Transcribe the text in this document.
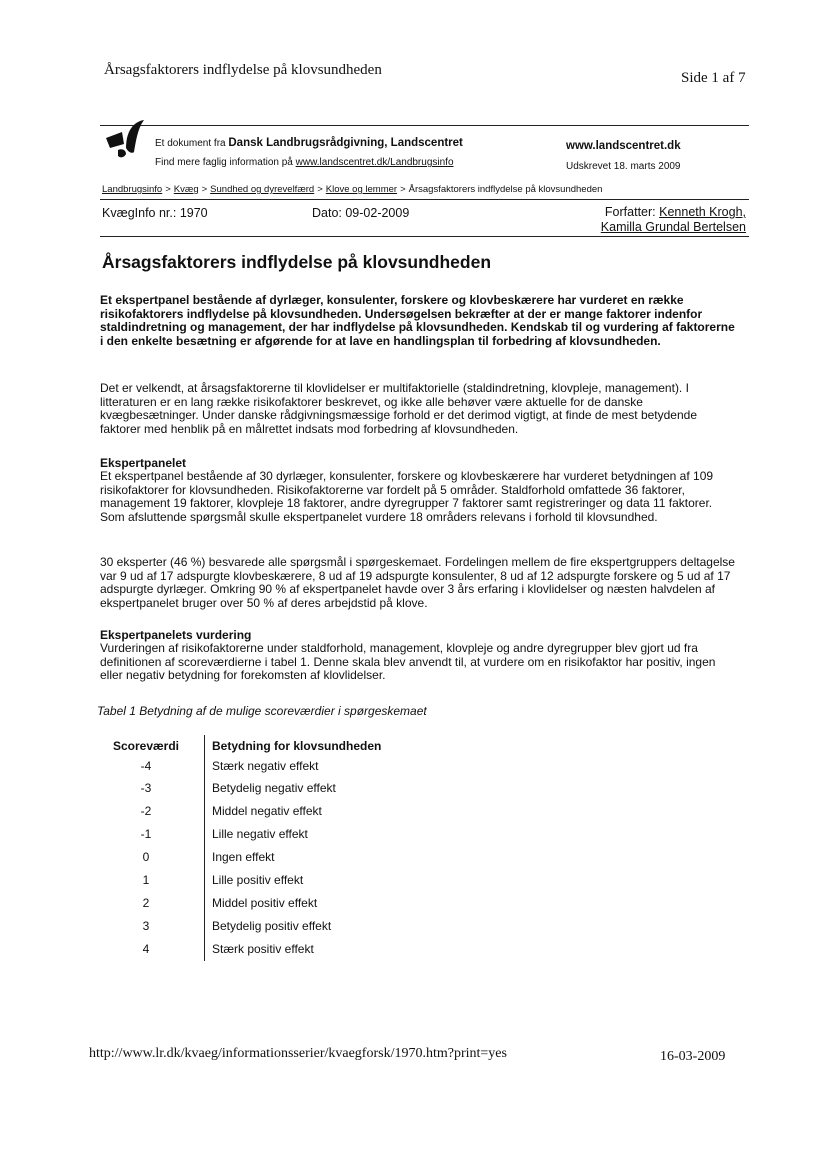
Årsagsfaktorers indflydelse på klovsundheden	Side 1 af 7
Et dokument fra Dansk Landbrugsrådgivning, Landscentret
Find mere faglig information på www.landscentret.dk/Landbrugsinfo
www.landscentret.dk
Udskrevet 18. marts 2009
Landbrugsinfo > Kvæg > Sundhed og dyrevelfærd > Klove og lemmer > Årsagsfaktorers indflydelse på klovsundheden
KvægInfo nr.: 1970	Dato: 09-02-2009	Forfatter: Kenneth Krogh,
Kamilla Grundal Bertelsen
Årsagsfaktorers indflydelse på klovsundheden

Et ekspertpanel bestående af dyrlæger, konsulenter, forskere og klovbeskærere har vurderet en række risikofaktorers indflydelse på klovsundheden. Undersøgelsen bekræfter at der er mange faktorer indenfor staldindretning og management, der har indflydelse på klovsundheden. Kendskab til og vurdering af faktorerne i den enkelte besætning er afgørende for at lave en handlingsplan til forbedring af klovsundheden.

Det er velkendt, at årsagsfaktorerne til klovlidelser er multifaktorielle (staldindretning, klovpleje, management). I litteraturen er en lang række risikofaktorer beskrevet, og ikke alle behøver være aktuelle for de danske kvægbesætninger. Under danske rådgivningsmæssige forhold er det derimod vigtigt, at finde de mest betydende faktorer med henblik på en målrettet indsats mod forbedring af klovsundheden.

Ekspertpanelet

Et ekspertpanel bestående af 30 dyrlæger, konsulenter, forskere og klovbeskærere har vurderet betydningen af 109 risikofaktorer for klovsundheden. Risikofaktorerne var fordelt på 5 områder. Staldforhold omfattede 36 faktorer, management 19 faktorer, klovpleje 18 faktorer, andre dyregrupper 7 faktorer samt registreringer og data 11 faktorer. Som afsluttende spørgsmål skulle ekspertpanelet vurdere 18 områders relevans i forhold til klovsundhed.

30 eksperter (46 %) besvarede alle spørgsmål i spørgeskemaet. Fordelingen mellem de fire ekspertgruppers deltagelse var 9 ud af 17 adspurgte klovbeskærere, 8 ud af 19 adspurgte konsulenter, 8 ud af 12 adspurgte forskere og 5 ud af 17 adspurgte dyrlæger. Omkring 90 % af ekspertpanelet havde over 3 års erfaring i klovlidelser og næsten halvdelen af ekspertpanelet bruger over 50 % af deres arbejdstid på klove.

Ekspertpanelets vurdering

Vurderingen af risikofaktorerne under staldforhold, management, klovpleje og andre dyregrupper blev gjort ud fra definitionen af scoreværdierne i tabel 1. Denne skala blev anvendt til, at vurdere om en risikofaktor har positiv, ingen eller negativ betydning for forekomsten af klovlidelser.

Tabel 1 Betydning af de mulige scoreværdier i spørgeskemaet
Scoreværdi	Betydning for klovsundheden
-4	Stærk negativ effekt
-3	Betydelig negativ effekt
-2	Middel negativ effekt
-1	Lille negativ effekt
0	Ingen effekt
1	Lille positiv effekt
2	Middel positiv effekt
3	Betydelig positiv effekt
4	Stærk positiv effekt
http://www.lr.dk/kvaeg/informationsserier/kvaegforsk/1970.htm?print=yes	16-03-2009
